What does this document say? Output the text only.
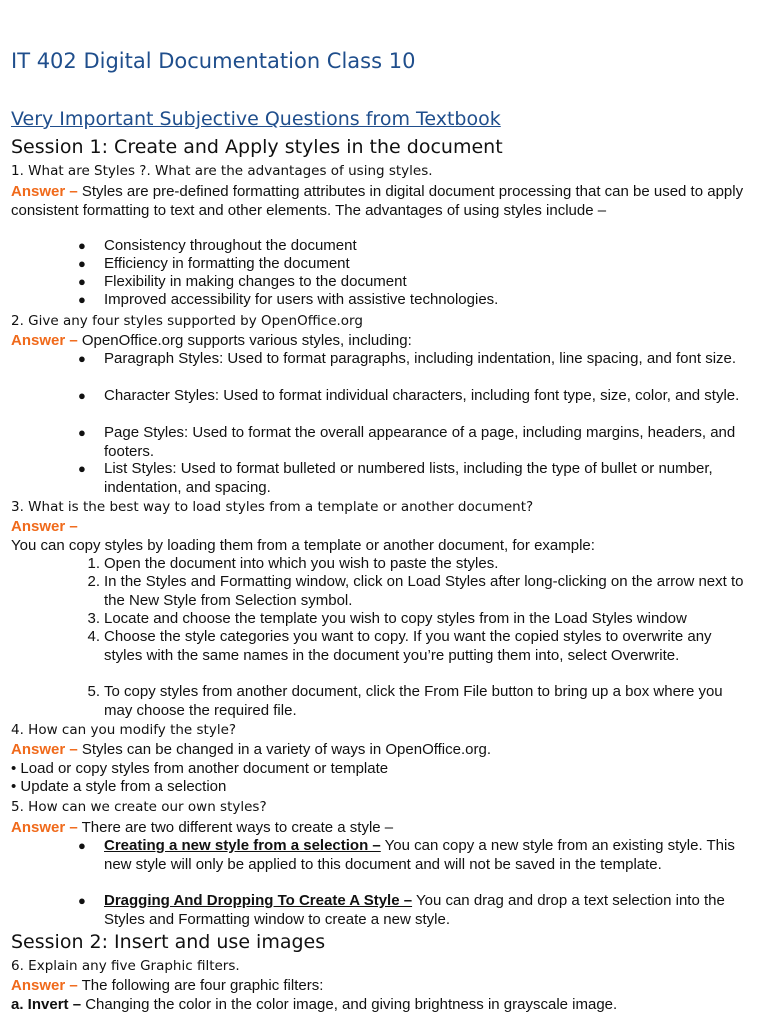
IT 402 Digital Documentation Class 10
Very Important Subjective Questions from Textbook
Session 1: Create and Apply styles in the document
1. What are Styles ?. What are the advantages of using styles.
Answer – Styles are pre-defined formatting attributes in digital document processing that can be used to apply consistent formatting to text and other elements. The advantages of using styles include –
● Consistency throughout the document
● Efficiency in formatting the document
● Flexibility in making changes to the document
● Improved accessibility for users with assistive technologies.
2. Give any four styles supported by OpenOffice.org
Answer – OpenOffice.org supports various styles, including:
● Paragraph Styles: Used to format paragraphs, including indentation, line spacing, and font size.
● Character Styles: Used to format individual characters, including font type, size, color, and style.
● Page Styles: Used to format the overall appearance of a page, including margins, headers, and footers.
● List Styles: Used to format bulleted or numbered lists, including the type of bullet or number, indentation, and spacing.
3. What is the best way to load styles from a template or another document?
Answer –
You can copy styles by loading them from a template or another document, for example:
1. Open the document into which you wish to paste the styles.
2. In the Styles and Formatting window, click on Load Styles after long-clicking on the arrow next to the New Style from Selection symbol.
3. Locate and choose the template you wish to copy styles from in the Load Styles window
4. Choose the style categories you want to copy. If you want the copied styles to overwrite any styles with the same names in the document you’re putting them into, select Overwrite.
5. To copy styles from another document, click the From File button to bring up a box where you may choose the required file.
4. How can you modify the style?
Answer – Styles can be changed in a variety of ways in OpenOffice.org.
• Load or copy styles from another document or template
• Update a style from a selection
5. How can we create our own styles?
Answer – There are two different ways to create a style –
● Creating a new style from a selection – You can copy a new style from an existing style. This new style will only be applied to this document and will not be saved in the template.
● Dragging And Dropping To Create A Style – You can drag and drop a text selection into the Styles and Formatting window to create a new style.
Session 2: Insert and use images
6. Explain any five Graphic filters.
Answer – The following are four graphic filters:
a. Invert – Changing the color in the color image, and giving brightness in grayscale image.
